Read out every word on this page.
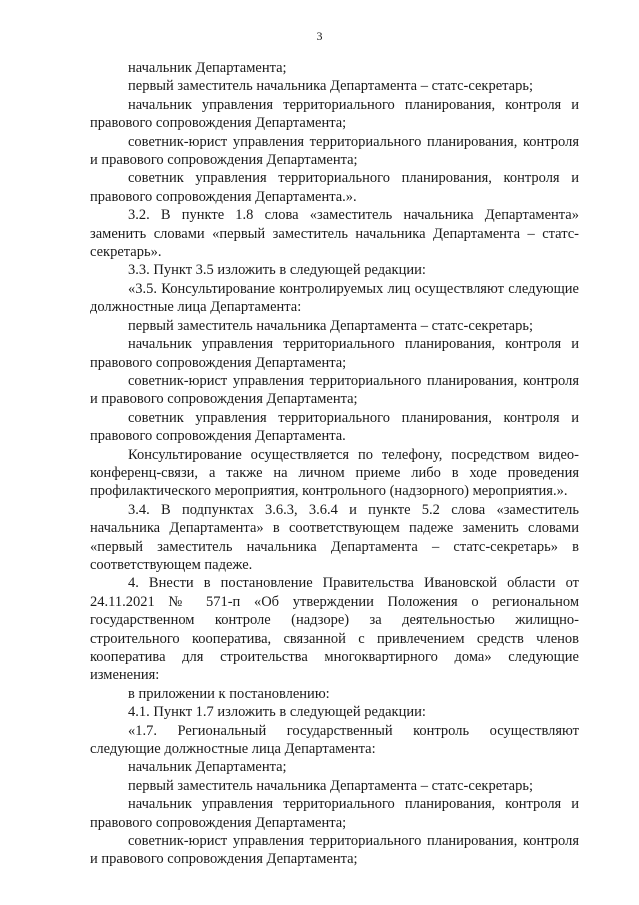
3

начальник Департамента;

первый заместитель начальника Департамента – статс-секретарь;

начальник управления территориального планирования, контроля и правового сопровождения Департамента;

советник-юрист управления территориального планирования, контроля и правового сопровождения Департамента;

советник управления территориального планирования, контроля и правового сопровождения Департамента.».

3.2. В пункте 1.8 слова «заместитель начальника Департамента» заменить словами «первый заместитель начальника Департамента – статс-секретарь».

3.3. Пункт 3.5 изложить в следующей редакции:

«3.5. Консультирование контролируемых лиц осуществляют следующие должностные лица Департамента:

первый заместитель начальника Департамента – статс-секретарь;

начальник управления территориального планирования, контроля и правового сопровождения Департамента;

советник-юрист управления территориального планирования, контроля и правового сопровождения Департамента;

советник управления территориального планирования, контроля и правового сопровождения Департамента.

Консультирование осуществляется по телефону, посредством видео-конференц-связи, а также на личном приеме либо в ходе проведения профилактического мероприятия, контрольного (надзорного) мероприятия.».

3.4. В подпунктах 3.6.3, 3.6.4 и пункте 5.2 слова «заместитель начальника Департамента» в соответствующем падеже заменить словами «первый заместитель начальника Департамента – статс-секретарь» в соответствующем падеже.

4. Внести в постановление Правительства Ивановской области от 24.11.2021 № 571-п «Об утверждении Положения о региональном государственном контроле (надзоре) за деятельностью жилищно-строительного кооператива, связанной с привлечением средств членов кооператива для строительства многоквартирного дома» следующие изменения:

в приложении к постановлению:

4.1. Пункт 1.7 изложить в следующей редакции:

«1.7. Региональный государственный контроль осуществляют следующие должностные лица Департамента:

начальник Департамента;

первый заместитель начальника Департамента – статс-секретарь;

начальник управления территориального планирования, контроля и правового сопровождения Департамента;

советник-юрист управления территориального планирования, контроля и правового сопровождения Департамента;
